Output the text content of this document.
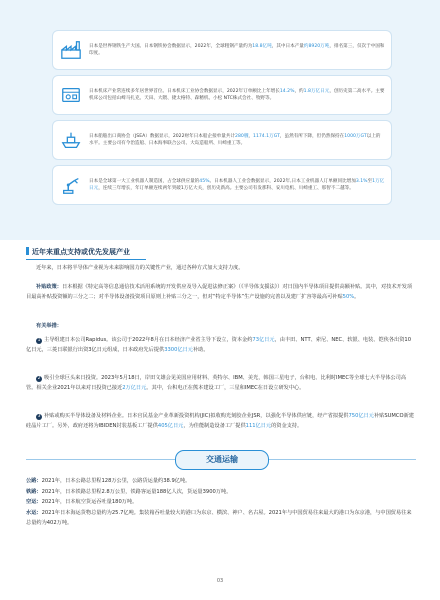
日本是世界钢铁生产大国。日本钢铁协会数据显示，2022年，全球粗钢产量约为18.8亿吨，其中日本产量约8920万吨，排名第三，仅次于中国和印度。
日本机床产业常连续多年居世界首位。日本机床工业协会数据显示，2022年订单额比上年增长14.2%，约1.8万亿日元，创历史第二高水平。主要机床公司包括山崎马扎克、天田、大隈、捷太格特、森精机、小松 NTC株式会社、牧野等。
日本船舶出口商协会（JSEA）数据显示，2022财年日本船企接单量共计280艘，1174.1万GT，虽然有所下降，但仍然保持在1000万GT以上的水平。主要公司有今治造船、日本海事联合公司、大岛造船所、川崎重工等。
日本是全球第一大工业机器人制造国，占全球供应量的45%。日本机器人工业会数据显示，2022年,日本工业机器人订单额同比增加3.1%至1万亿日元，连续三年增长，年订单额连续两年突破1万亿大关，创历史新高。主要公司有发那科、安川电机、川崎重工、那智不二越等。
近年来重点支持或优先发展产业
近年来，日本将半导体产业视为未来影响国力的关键性产业，通过各种方式加大支持力度。
补贴政策：日本根据《特定高等信息通信技术活用系统的开发供应及导入促进法修正案》（《半导体支援法》）对日国内半导体项目提供高额补贴。其中，对技术开发项目最高补贴投资额的三分之二；对半导体设备投资项目原则上补贴三分之一，但对“特定半导体”生产设施的完善以及建厂扩容等最高可补贴50%。
有关举措：
1 主导组建日本公司Rapidus。该公司于2022年8月在日本经济产业省主导下设立，资本金约73亿日元，由丰田、NTT、索尼、NEC、软银、电装、铠侠各出资10亿日元，三菱日联银行出资3亿日元组成，日本政府先后提供3300亿日元补助。
2 吸引全球巨头来日投资。2023年5月18日，岸田文雄会见美国应用材料、英特尔、IBM、美光，韩国三星电子，台积电、比利时IMEC等全球七大半导体公司高管。相关企业2021年以来对日投资已接近2万亿日元。其中，台积电正在熊本建设工厂，三星和IMEC在日设立研发中心。
3 补贴或购买半导体设备及材料企业。日本官民基金产业革新投资机构(JIC)拟收购光刻胶企业JSR，以强化半导体供应链，经产省拟提供750亿日元补贴SUMCO新建硅晶片工厂。另外，政府还将为IBIDEN封装基板工厂提供405亿日元，为佳能制造设备工厂提供111亿日元的资金支持。
交通运输
公路：2021年，日本公路总里程128万公里，公路货运量约38.9亿吨。
铁路：2021年，日本铁路总里程2.8万公里，铁路客运量188亿人次，货运量3900万吨。
空运：2021年，日本航空货运吞吐量180万吨。
水运：2021年日本海运货物总量约为25.7亿吨。集装箱吞吐量较大的港口为东京、横滨、神户、名古屋。2021年与中国贸易往来最大的港口为东京港，与中国贸易往来总量约为402万吨。
03
